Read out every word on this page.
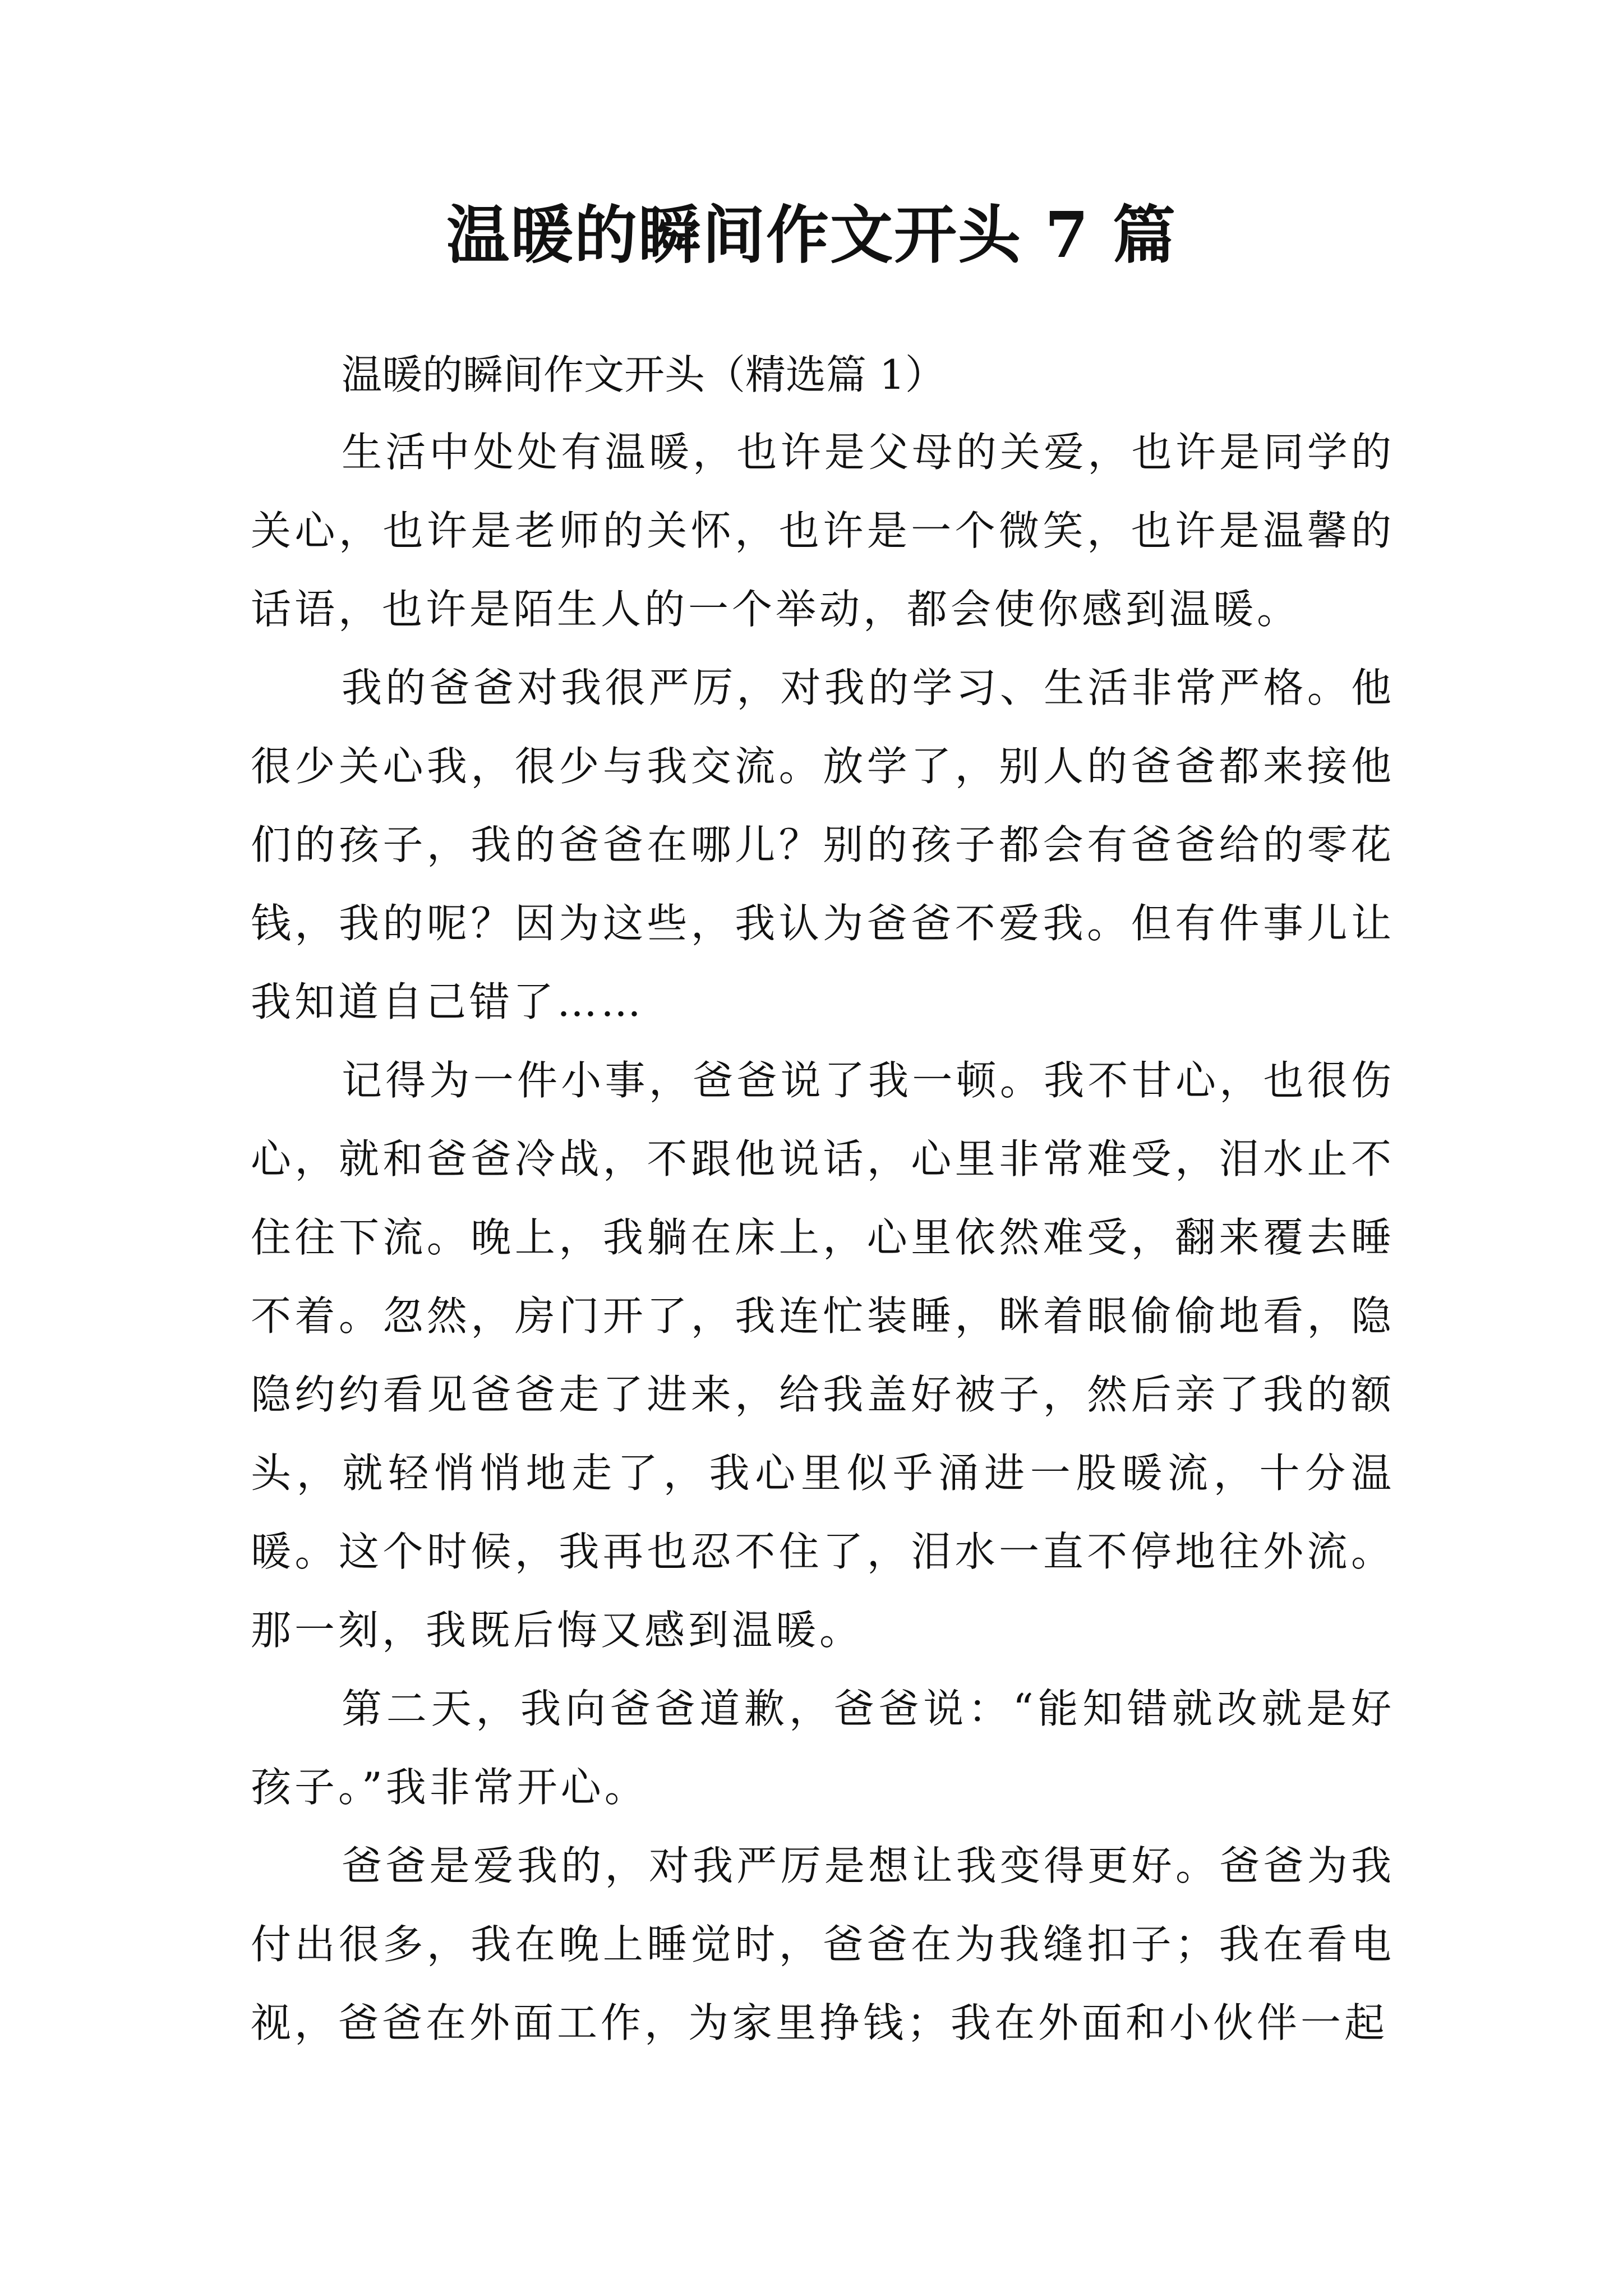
温暖的瞬间作文开头 7 篇

温暖的瞬间作文开头（精选篇 1）

生活中处处有温暖，也许是父母的关爱，也许是同学的关心，也许是老师的关怀，也许是一个微笑，也许是温馨的话语，也许是陌生人的一个举动，都会使你感到温暖。

我的爸爸对我很严厉，对我的学习、生活非常严格。他很少关心我，很少与我交流。放学了，别人的爸爸都来接他们的孩子，我的爸爸在哪儿？别的孩子都会有爸爸给的零花钱，我的呢？因为这些，我认为爸爸不爱我。但有件事儿让我知道自己错了……

记得为一件小事，爸爸说了我一顿。我不甘心，也很伤心，就和爸爸冷战，不跟他说话，心里非常难受，泪水止不住往下流。晚上，我躺在床上，心里依然难受，翻来覆去睡不着。忽然，房门开了，我连忙装睡，眯着眼偷偷地看，隐隐约约看见爸爸走了进来，给我盖好被子，然后亲了我的额头，就轻悄悄地走了，我心里似乎涌进一股暖流，十分温暖。这个时候，我再也忍不住了，泪水一直不停地往外流。那一刻，我既后悔又感到温暖。

第二天，我向爸爸道歉，爸爸说：“能知错就改就是好孩子。”我非常开心。

爸爸是爱我的，对我严厉是想让我变得更好。爸爸为我付出很多，我在晚上睡觉时，爸爸在为我缝扣子；我在看电视，爸爸在外面工作，为家里挣钱；我在外面和小伙伴一起
